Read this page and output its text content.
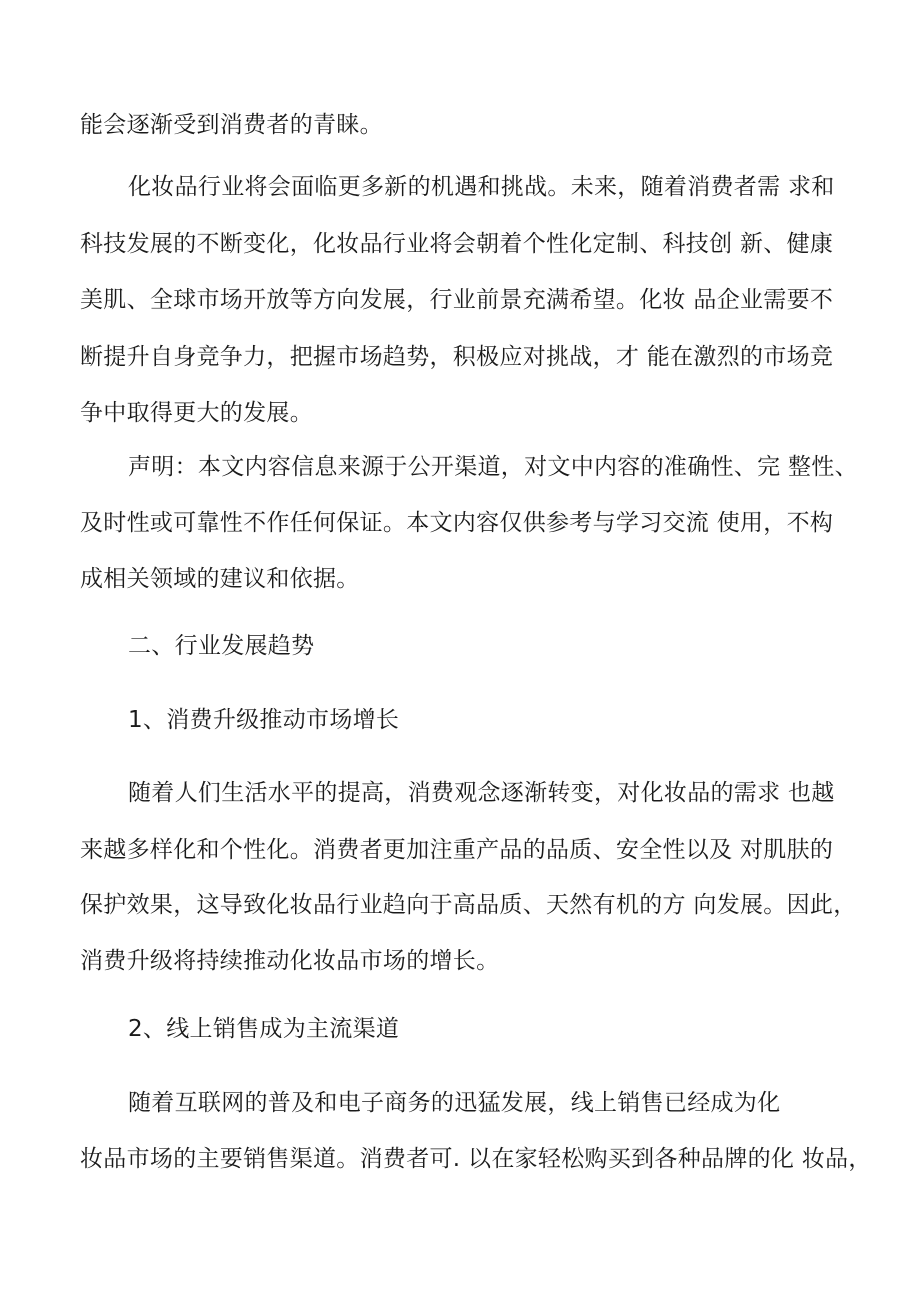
能会逐渐受到消费者的青睐。
化妆品行业将会面临更多新的机遇和挑战。未来，随着消费者需 求和
科技发展的不断变化，化妆品行业将会朝着个性化定制、科技创 新、健康
美肌、全球市场开放等方向发展，行业前景充满希望。化妆 品企业需要不
断提升自身竞争力，把握市场趋势，积极应对挑战，才 能在激烈的市场竞
争中取得更大的发展。
声明：本文内容信息来源于公开渠道，对文中内容的准确性、完 整性、
及时性或可靠性不作任何保证。本文内容仅供参考与学习交流 使用，不构
成相关领域的建议和依据。
二、行业发展趋势
1、消费升级推动市场增长
随着人们生活水平的提高，消费观念逐渐转变，对化妆品的需求 也越
来越多样化和个性化。消费者更加注重产品的品质、安全性以及 对肌肤的
保护效果，这导致化妆品行业趋向于高品质、天然有机的方 向发展。因此，
消费升级将持续推动化妆品市场的增长。
2、线上销售成为主流渠道
随着互联网的普及和电子商务的迅猛发展，线上销售已经成为化
妆品市场的主要销售渠道。消费者可. 以在家轻松购买到各种品牌的化 妆品，
